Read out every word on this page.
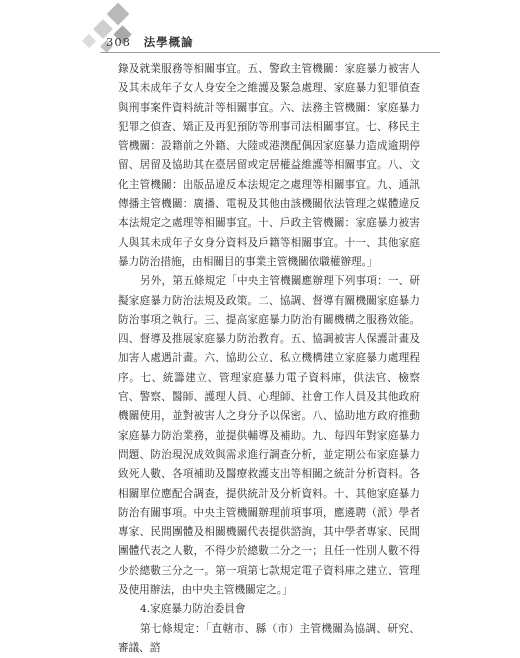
308 法學概論

錄及就業服務等相關事宜。五、警政主管機關：家庭暴力被害人及其未成年子女人身安全之維護及緊急處理、家庭暴力犯罪偵查與刑事案件資料統計等相關事宜。六、法務主管機關：家庭暴力犯罪之偵查、矯正及再犯預防等刑事司法相關事宜。七、移民主管機關：設籍前之外籍、大陸或港澳配偶因家庭暴力造成逾期停留、居留及協助其在臺居留或定居權益維護等相關事宜。八、文化主管機關：出版品違反本法規定之處理等相關事宜。九、通訊傳播主管機關：廣播、電視及其他由該機關依法管理之媒體違反本法規定之處理等相關事宜。十、戶政主管機關：家庭暴力被害人與其未成年子女身分資料及戶籍等相關事宜。十一、其他家庭暴力防治措施，由相關目的事業主管機關依職權辦理。」

另外，第五條規定「中央主管機關應辦理下列事項：一、研擬家庭暴力防治法規及政策。二、協調、督導有關機關家庭暴力防治事項之執行。三、提高家庭暴力防治有關機構之服務效能。四、督導及推展家庭暴力防治教育。五、協調被害人保護計畫及加害人處遇計畫。六、協助公立、私立機構建立家庭暴力處理程序。七、統籌建立、管理家庭暴力電子資料庫，供法官、檢察官、警察、醫師、護理人員、心理師、社會工作人員及其他政府機關使用，並對被害人之身分予以保密。八、協助地方政府推動家庭暴力防治業務，並提供輔導及補助。九、每四年對家庭暴力問題、防治現況成效與需求進行調查分析，並定期公布家庭暴力致死人數、各項補助及醫療救護支出等相關之統計分析資料。各相關單位應配合調查，提供統計及分析資料。十、其他家庭暴力防治有關事項。中央主管機關辦理前項事項，應遴聘（派）學者專家、民間團體及相關機關代表提供諮詢，其中學者專家、民間團體代表之人數，不得少於總數二分之一；且任一性別人數不得少於總數三分之一。第一項第七款規定電子資料庫之建立、管理及使用辦法，由中央主管機關定之。」

4.家庭暴力防治委員會

第七條規定：「直轄市、縣（市）主管機關為協調、研究、審議、諮
